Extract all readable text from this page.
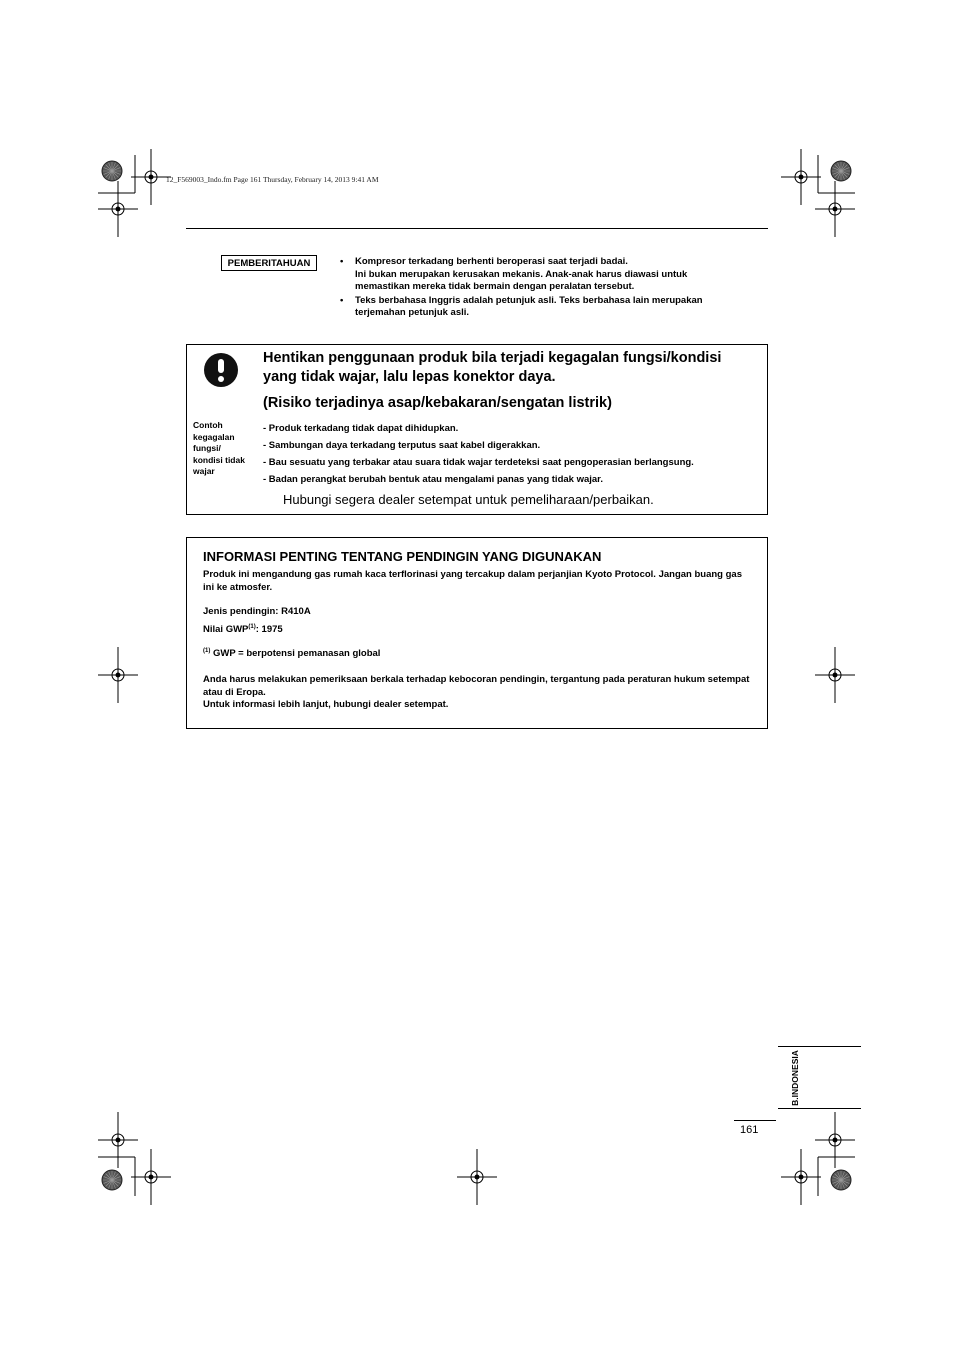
12_F569003_Indo.fm Page 161 Thursday, February 14, 2013 9:41 AM
PEMBERITAHUAN	•	Kompresor terkadang berhenti beroperasi saat terjadi badai.
Ini bukan merupakan kerusakan mekanis. Anak-anak harus diawasi untuk
memastikan mereka tidak bermain dengan peralatan tersebut.
•	Teks berbahasa Inggris adalah petunjuk asli. Teks berbahasa lain merupakan
terjemahan petunjuk asli.
Hentikan penggunaan produk bila terjadi kegagalan fungsi/kondisi yang tidak wajar, lalu lepas konektor daya.
(Risiko terjadinya asap/kebakaran/sengatan listrik)
Contoh
kegagalan
fungsi/
kondisi tidak
wajar
- Produk terkadang tidak dapat dihidupkan.
- Sambungan daya terkadang terputus saat kabel digerakkan.
- Bau sesuatu yang terbakar atau suara tidak wajar terdeteksi saat pengoperasian berlangsung.
- Badan perangkat berubah bentuk atau mengalami panas yang tidak wajar.
Hubungi segera dealer setempat untuk pemeliharaan/perbaikan.
INFORMASI PENTING TENTANG PENDINGIN YANG DIGUNAKAN
Produk ini mengandung gas rumah kaca terflorinasi yang tercakup dalam perjanjian Kyoto Protocol. Jangan buang gas ini ke atmosfer.
Jenis pendingin: R410A
Nilai GWP$^{(1)}$: 1975
$^{(1)}$ GWP = berpotensi pemanasan global
Anda harus melakukan pemeriksaan berkala terhadap kebocoran pendingin, tergantung pada peraturan hukum setempat atau di Eropa.
Untuk informasi lebih lanjut, hubungi dealer setempat.
B.INDONESIA
161
